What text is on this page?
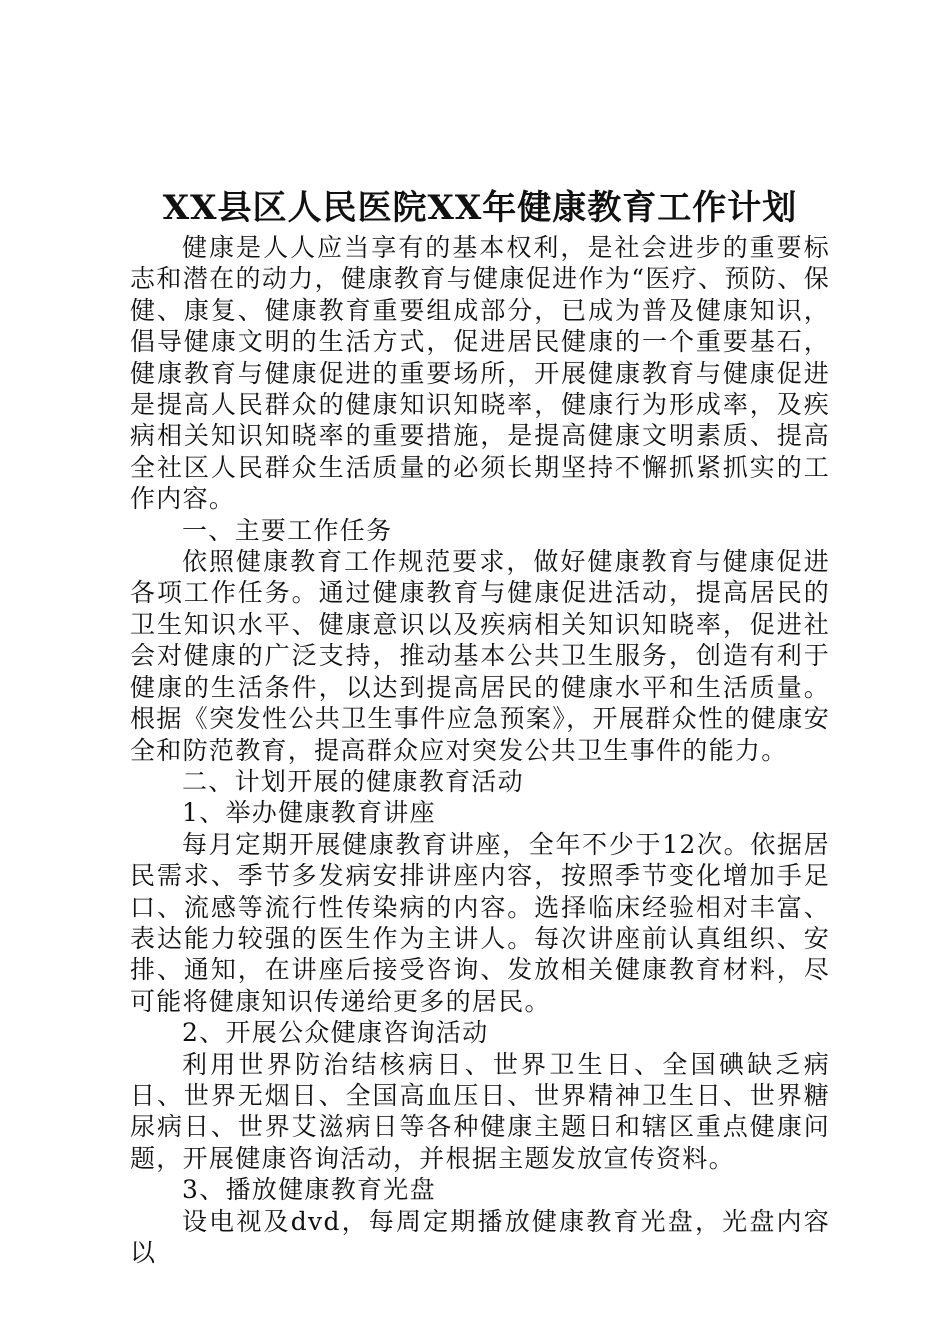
XX县区人民医院XX年健康教育工作计划

健康是人人应当享有的基本权利，是社会进步的重要标志和潜在的动力，健康教育与健康促进作为“医疗、预防、保健、康复、健康教育重要组成部分，已成为普及健康知识，倡导健康文明的生活方式，促进居民健康的一个重要基石，健康教育与健康促进的重要场所，开展健康教育与健康促进是提高人民群众的健康知识知晓率，健康行为形成率，及疾病相关知识知晓率的重要措施，是提高健康文明素质、提高全社区人民群众生活质量的必须长期坚持不懈抓紧抓实的工作内容。

一、主要工作任务

依照健康教育工作规范要求，做好健康教育与健康促进各项工作任务。通过健康教育与健康促进活动，提高居民的卫生知识水平、健康意识以及疾病相关知识知晓率，促进社会对健康的广泛支持，推动基本公共卫生服务，创造有利于健康的生活条件，以达到提高居民的健康水平和生活质量。根据《突发性公共卫生事件应急预案》，开展群众性的健康安全和防范教育，提高群众应对突发公共卫生事件的能力。

二、计划开展的健康教育活动

1、举办健康教育讲座

每月定期开展健康教育讲座，全年不少于12次。依据居民需求、季节多发病安排讲座内容，按照季节变化增加手足口、流感等流行性传染病的内容。选择临床经验相对丰富、表达能力较强的医生作为主讲人。每次讲座前认真组织、安排、通知，在讲座后接受咨询、发放相关健康教育材料，尽可能将健康知识传递给更多的居民。

2、开展公众健康咨询活动

利用世界防治结核病日、世界卫生日、全国碘缺乏病日、世界无烟日、全国高血压日、世界精神卫生日、世界糖尿病日、世界艾滋病日等各种健康主题日和辖区重点健康问题，开展健康咨询活动，并根据主题发放宣传资料。

3、播放健康教育光盘

设电视及dvd，每周定期播放健康教育光盘，光盘内容以
